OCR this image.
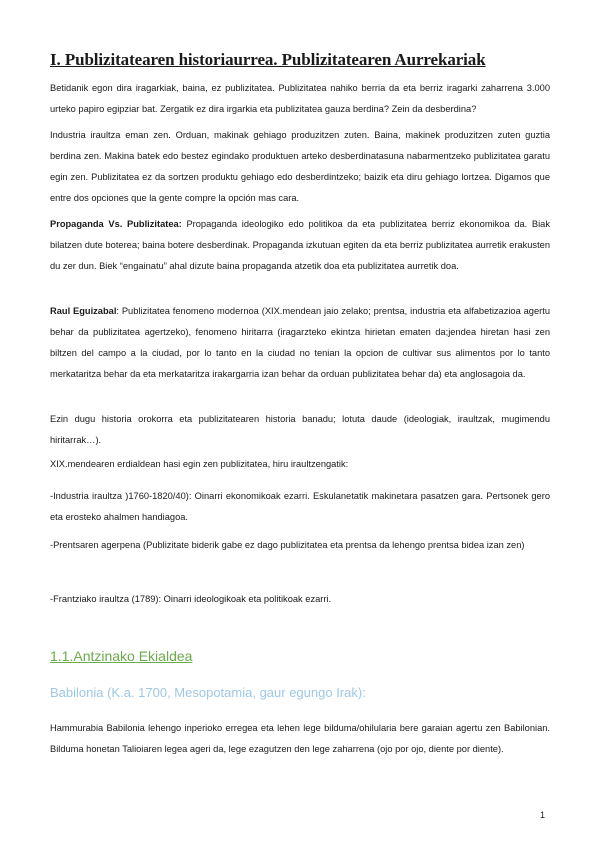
I. Publizitatearen historiaurrea. Publizitatearen Aurrekariak

Betidanik egon dira iragarkiak, baina, ez publizitatea. Publizitatea nahiko berria da eta berriz iragarki zaharrena 3.000 urteko papiro egipziar bat. Zergatik ez dira irgarkia eta publizitatea gauza berdina? Zein da desberdina?

Industria iraultza eman zen. Orduan, makinak gehiago produzitzen zuten. Baina, makinek produzitzen zuten guztia berdina zen. Makina batek edo bestez egindako produktuen arteko desberdinatasuna nabarmentzeko publizitatea garatu egin zen. Publizitatea ez da sortzen produktu gehiago edo desberdintzeko; baizik eta diru gehiago lortzea. Digamos que entre dos opciones que la gente compre la opción mas cara.

Propaganda Vs. Publizitatea: Propaganda ideologiko edo politikoa da eta publizitatea berriz ekonomikoa da. Biak bilatzen dute boterea; baina botere desberdinak. Propaganda izkutuan egiten da eta berriz publizitatea aurretik erakusten du zer dun. Biek “engainatu” ahal dizute baina propaganda atzetik doa eta publizitatea aurretik doa.

Raul Eguizabal: Publizitatea fenomeno modernoa (XIX.mendean jaio zelako; prentsa, industria eta alfabetizazioa agertu behar da publizitatea agertzeko), fenomeno hiritarra (iragarzteko ekintza hirietan ematen da;jendea hiretan hasi zen biltzen del campo a la ciudad, por lo tanto en la ciudad no tenian la opcion de cultivar sus alimentos por lo tanto merkataritza behar da eta merkataritza irakargarria izan behar da orduan publizitatea behar da) eta anglosagoia da.

Ezin dugu historia orokorra eta publizitatearen historia banadu; lotuta daude (ideologiak, iraultzak, mugimendu hiritarrak…).

XIX.mendearen erdialdean hasi egin zen publizitatea, hiru iraultzengatik:

-Industria iraultza )1760-1820/40): Oinarri ekonomikoak ezarri. Eskulanetatik makinetara pasatzen gara. Pertsonek gero eta erosteko ahalmen handiagoa.

-Prentsaren agerpena (Publizitate biderik gabe ez dago publizitatea eta prentsa da lehengo prentsa bidea izan zen)

-Frantziako iraultza (1789): Oinarri ideologikoak eta politikoak ezarri.

1.1.Antzinako Ekialdea
Babilonia (K.a. 1700, Mesopotamia, gaur egungo Irak):

Hammurabia Babilonia lehengo inperioko erregea eta lehen lege bilduma/ohilularia bere garaian agertu zen Babilonian. Bilduma honetan Talioiaren legea ageri da, lege ezagutzen den lege zaharrena (ojo por ojo, diente por diente).

1
